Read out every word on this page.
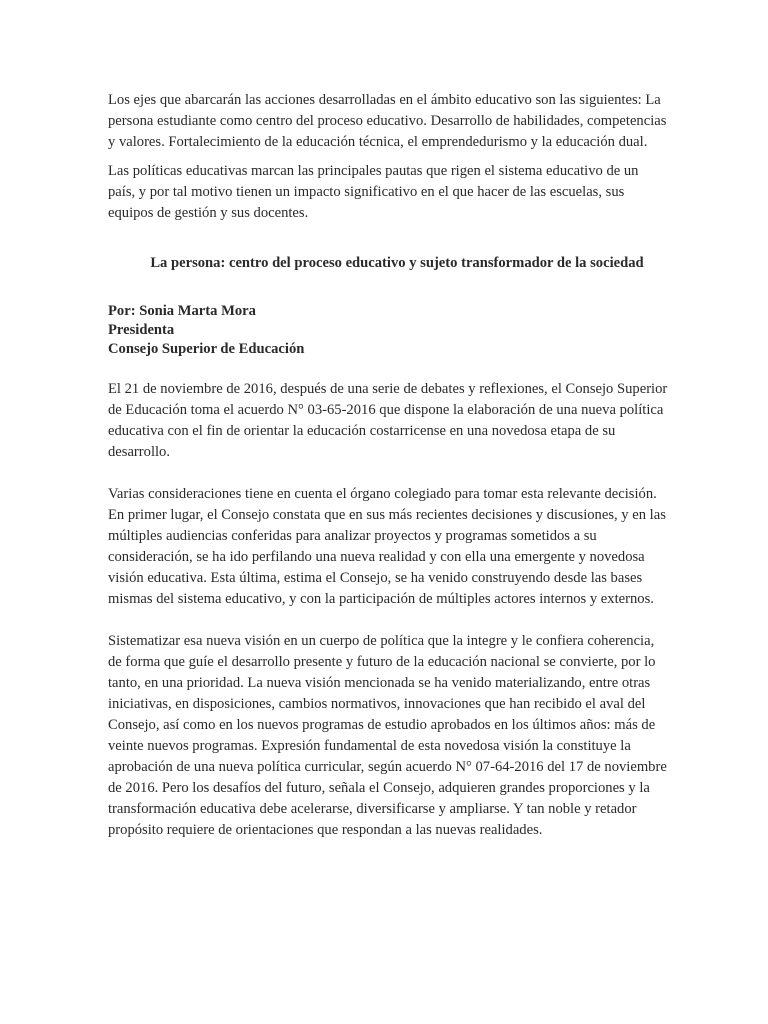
Los ejes que abarcarán las acciones desarrolladas en el ámbito educativo son las siguientes: La persona estudiante como centro del proceso educativo. Desarrollo de habilidades, competencias y valores. Fortalecimiento de la educación técnica, el emprendedurismo y la educación dual.

Las políticas educativas marcan las principales pautas que rigen el sistema educativo de un país, y por tal motivo tienen un impacto significativo en el que hacer de las escuelas, sus equipos de gestión y sus docentes.

La persona: centro del proceso educativo y sujeto transformador de la sociedad

Por: Sonia Marta Mora
Presidenta
Consejo Superior de Educación

El 21 de noviembre de 2016, después de una serie de debates y reflexiones, el Consejo Superior de Educación toma el acuerdo N° 03-65-2016 que dispone la elaboración de una nueva política educativa con el fin de orientar la educación costarricense en una novedosa etapa de su desarrollo.

Varias consideraciones tiene en cuenta el órgano colegiado para tomar esta relevante decisión. En primer lugar, el Consejo constata que en sus más recientes decisiones y discusiones, y en las múltiples audiencias conferidas para analizar proyectos y programas sometidos a su consideración, se ha ido perfilando una nueva realidad y con ella una emergente y novedosa visión educativa. Esta última, estima el Consejo, se ha venido construyendo desde las bases mismas del sistema educativo, y con la participación de múltiples actores internos y externos.

Sistematizar esa nueva visión en un cuerpo de política que la integre y le confiera coherencia, de forma que guíe el desarrollo presente y futuro de la educación nacional se convierte, por lo tanto, en una prioridad. La nueva visión mencionada se ha venido materializando, entre otras iniciativas, en disposiciones, cambios normativos, innovaciones que han recibido el aval del Consejo, así como en los nuevos programas de estudio aprobados en los últimos años: más de veinte nuevos programas. Expresión fundamental de esta novedosa visión la constituye la aprobación de una nueva política curricular, según acuerdo N° 07-64-2016 del 17 de noviembre de 2016. Pero los desafíos del futuro, señala el Consejo, adquieren grandes proporciones y la transformación educativa debe acelerarse, diversificarse y ampliarse. Y tan noble y retador propósito requiere de orientaciones que respondan a las nuevas realidades.
